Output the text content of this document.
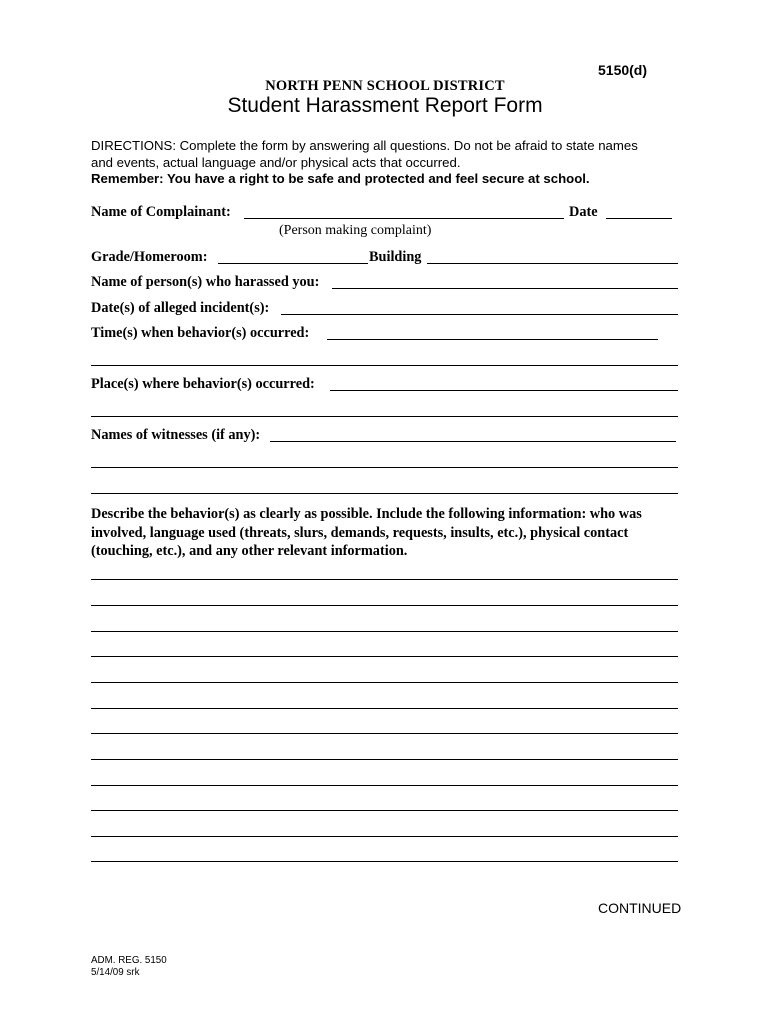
5150(d)
NORTH PENN SCHOOL DISTRICT
Student Harassment Report Form
DIRECTIONS: Complete the form by answering all questions. Do not be afraid to state names
and events, actual language and/or physical acts that occurred.
Remember: You have a right to be safe and protected and feel secure at school.
Name of Complainant:	Date
(Person making complaint)
Grade/Homeroom:	Building
Name of person(s) who harassed you:
Date(s) of alleged incident(s):
Time(s) when behavior(s) occurred:
Place(s) where behavior(s) occurred:
Names of witnesses (if any):
Describe the behavior(s) as clearly as possible. Include the following information: who was involved, language used (threats, slurs, demands, requests, insults, etc.), physical contact (touching, etc.), and any other relevant information.
CONTINUED
ADM. REG. 5150
5/14/09 srk
